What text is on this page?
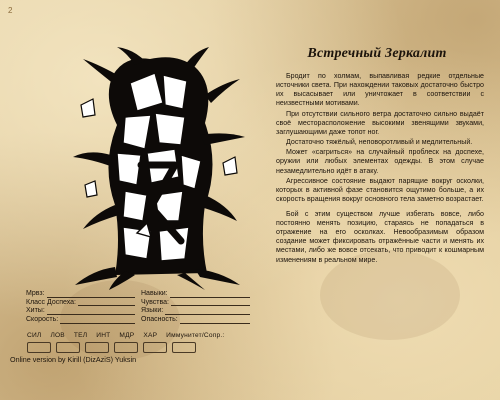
2
Встречный Зеркалит

Бродит по холмам, выпавливая редкие отдельные источники света. При нахождении таковых достаточно быстро их высасывает или уничтожает в соответствии с неизвестными мотивами.

При отсутствии сильного ветра достаточно сильно выдаёт своё месторасположение высокими звенящими звуками, заглушающими даже топот ног.

Достаточно тяжёлый, неповоротливый и медлительный.

Может «сагриться» на случайный проблеск на доспехе, оружии или любых элементах одежды. В этом случае незамедлительно идёт в атаку.

Агрессивное состояние выдают парящие вокруг осколки, которых в активной фазе становится ощутимо больше, а их скорость вращения вокруг основного тела заметно возрастает.

Бой с этим существом лучше избегать вовсе, либо постоянно менять позицию, стараясь не попадаться в отражение на его осколках. Невообразимым образом создание может фиксировать отражённые части и менять их местами, либо же вовсе отсекать, что приводит к кошмарным изменениям в реальном мире.

Мрвз:	Навыки:
Класс Доспеха:	Чувства:
Хиты:	Языки:
Скорость:	Опасность:
СИЛ ЛОВ ТЕЛ ИНТ МДР ХАР Иммунитет/Сопр.:
Online version by Kirill (DizAziS) Yuksin
